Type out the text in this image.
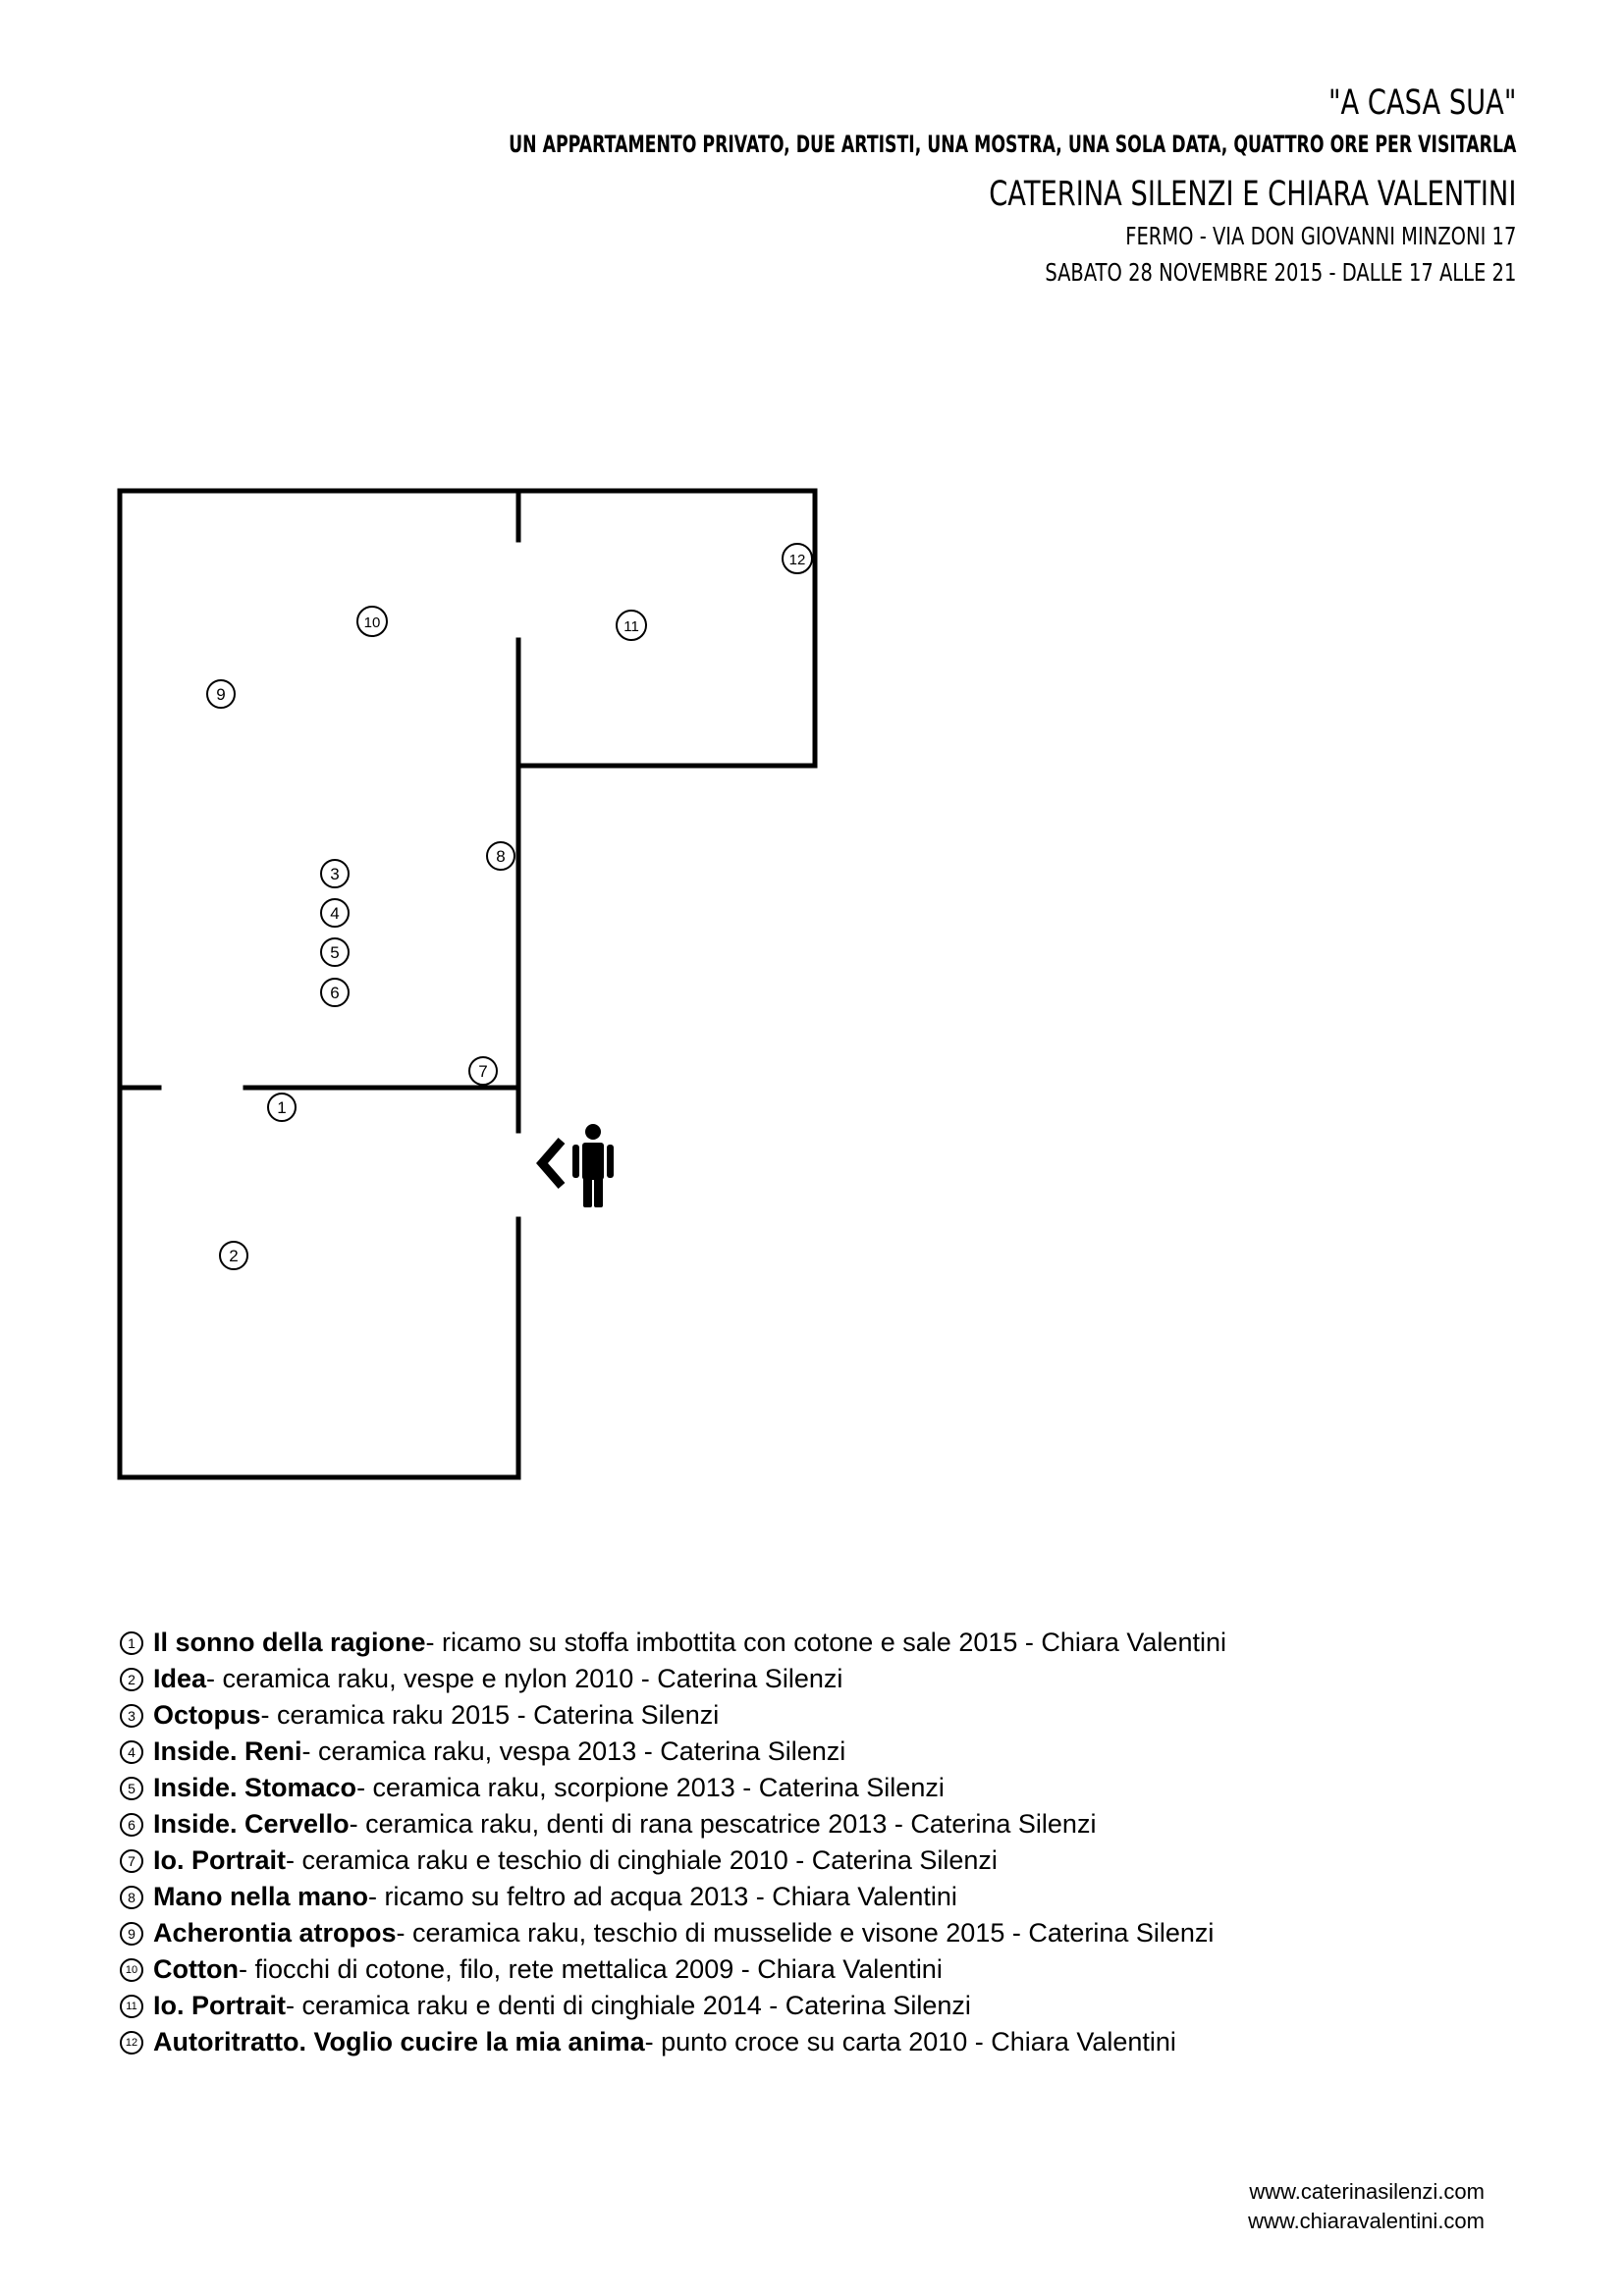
"A CASA SUA"
UN APPARTAMENTO PRIVATO, DUE ARTISTI, UNA MOSTRA, UNA SOLA DATA, QUATTRO ORE PER VISITARLA
CATERINA SILENZI E CHIARA VALENTINI
FERMO - VIA DON GIOVANNI MINZONI 17
SABATO 28 NOVEMBRE 2015 - DALLE 17 ALLE 21
1
2
3
4
5
6
7
8
9
10	11
12
1 Il sonno della ragione - ricamo su stoffa imbottita con cotone e sale 2015 - Chiara Valentini
2 Idea - ceramica raku, vespe e nylon 2010 - Caterina Silenzi
3 Octopus - ceramica raku 2015 - Caterina Silenzi
4 Inside. Reni - ceramica raku, vespa 2013 - Caterina Silenzi
5 Inside. Stomaco - ceramica raku, scorpione 2013 - Caterina Silenzi
6 Inside. Cervello - ceramica raku, denti di rana pescatrice 2013 - Caterina Silenzi
7 Io. Portrait - ceramica raku e teschio di cinghiale 2010 - Caterina Silenzi
8 Mano nella mano - ricamo su feltro ad acqua 2013 - Chiara Valentini
9 Acherontia atropos - ceramica raku, teschio di musselide e visone 2015 - Caterina Silenzi
10 Cotton - fiocchi di cotone, filo, rete mettalica 2009 - Chiara Valentini
11 Io. Portrait - ceramica raku e denti di cinghiale 2014 - Caterina Silenzi
12 Autoritratto. Voglio cucire la mia anima - punto croce su carta 2010 - Chiara Valentini
www.caterinasilenzi.com
www.chiaravalentini.com
